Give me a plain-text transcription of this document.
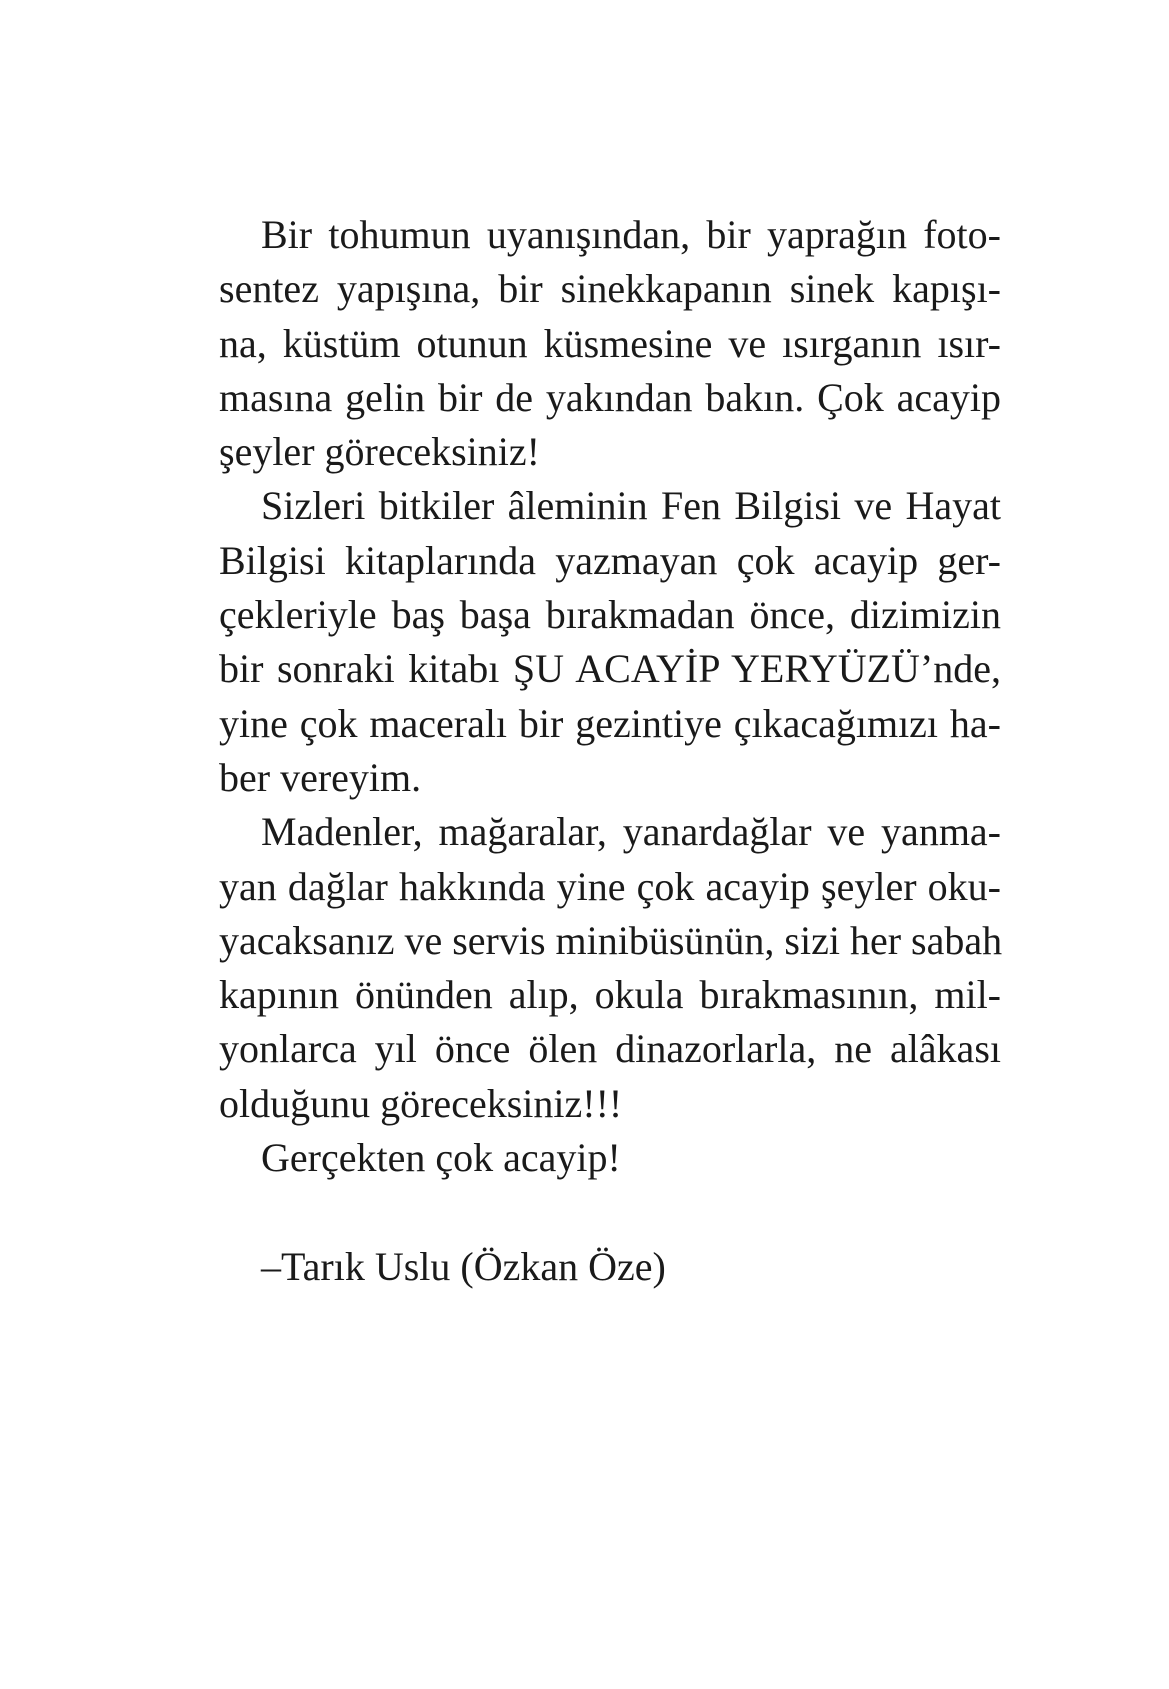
Bir tohumun uyanışından, bir yaprağın foto-
sentez yapışına, bir sinekkapanın sinek kapışı-
na, küstüm otunun küsmesine ve ısırganın ısır-
masına gelin bir de yakından bakın. Çok acayip
şeyler göreceksiniz!
Sizleri bitkiler âleminin Fen Bilgisi ve Hayat
Bilgisi kitaplarında yazmayan çok acayip ger-
çekleriyle baş başa bırakmadan önce, dizimizin
bir sonraki kitabı ŞU ACAYİP YERYÜZÜ’nde,
yine çok maceralı bir gezintiye çıkacağımızı ha-
ber vereyim.
Madenler, mağaralar, yanardağlar ve yanma-
yan dağlar hakkında yine çok acayip şeyler oku-
yacaksanız ve servis minibüsünün, sizi her sabah
kapının önünden alıp, okula bırakmasının, mil-
yonlarca yıl önce ölen dinazorlarla, ne alâkası
olduğunu göreceksiniz!!!
Gerçekten çok acayip!
–Tarık Uslu (Özkan Öze)
